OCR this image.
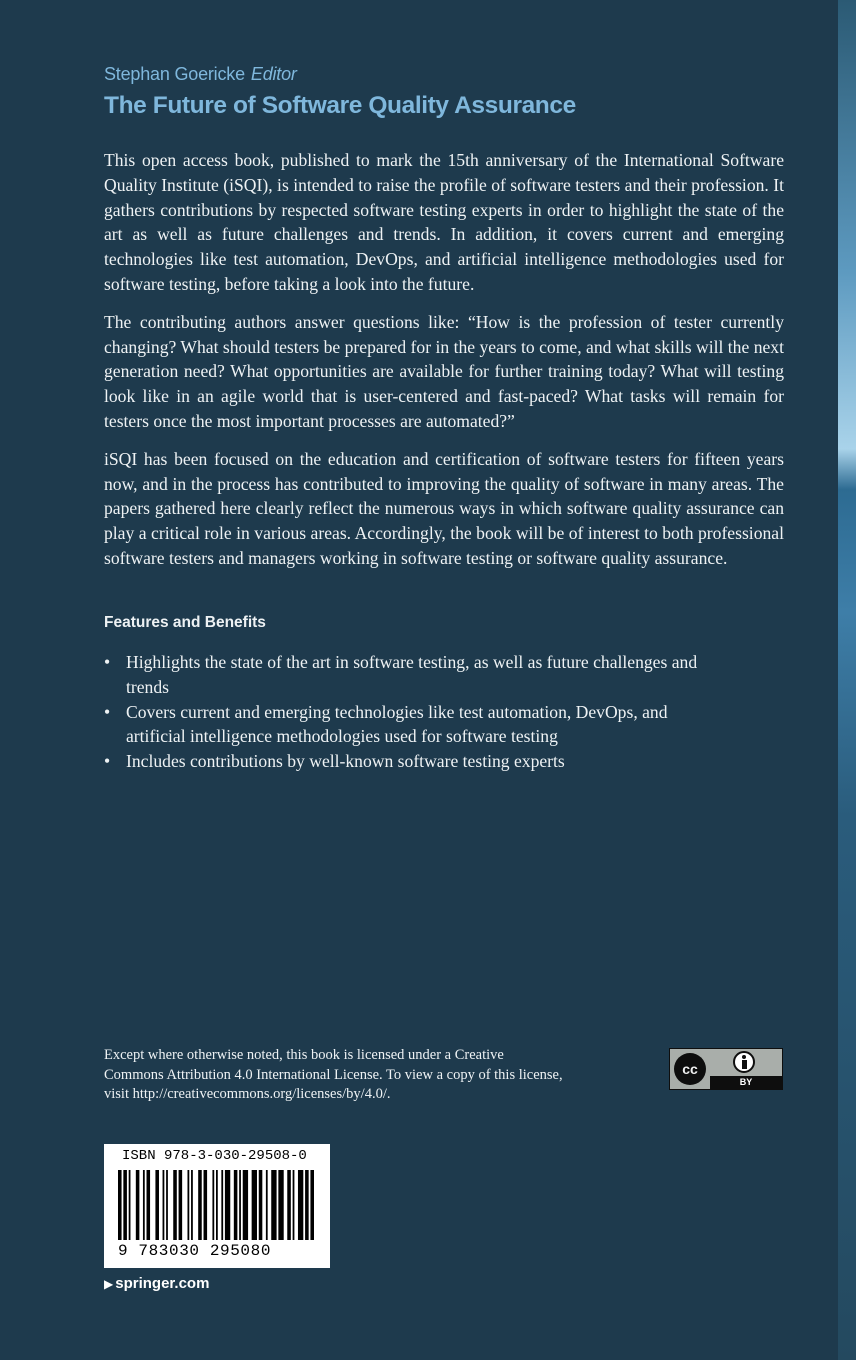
Stephan Goericke Editor
The Future of Software Quality Assurance

This open access book, published to mark the 15th anniversary of the International Software Quality Institute (iSQI), is intended to raise the profile of software testers and their profession. It gathers contributions by respected software testing experts in order to highlight the state of the art as well as future challenges and trends. In addition, it covers current and emerging technologies like test automation, DevOps, and artificial intelligence methodologies used for software testing, before taking a look into the future.

The contributing authors answer questions like: “How is the profession of tester currently changing? What should testers be prepared for in the years to come, and what skills will the next generation need? What opportunities are available for further training today? What will testing look like in an agile world that is user-centered and fast-paced? What tasks will remain for testers once the most important processes are automated?”

iSQI has been focused on the education and certification of software testers for fifteen years now, and in the process has contributed to improving the quality of software in many areas. The papers gathered here clearly reflect the numerous ways in which software quality assurance can play a critical role in various areas. Accordingly, the book will be of interest to both professional software testers and managers working in software testing or software quality assurance.

Features and Benefits
• Highlights the state of the art in software testing, as well as future challenges and trends
• Covers current and emerging technologies like test automation, DevOps, and artificial intelligence methodologies used for software testing
• Includes contributions by well-known software testing experts
Except where otherwise noted, this book is licensed under a Creative Commons Attribution 4.0 International License. To view a copy of this license, visit http://creativecommons.org/licenses/by/4.0/.
cc
BY
ISBN 978-3-030-29508-0
9 783030 295080
▶ springer.com
